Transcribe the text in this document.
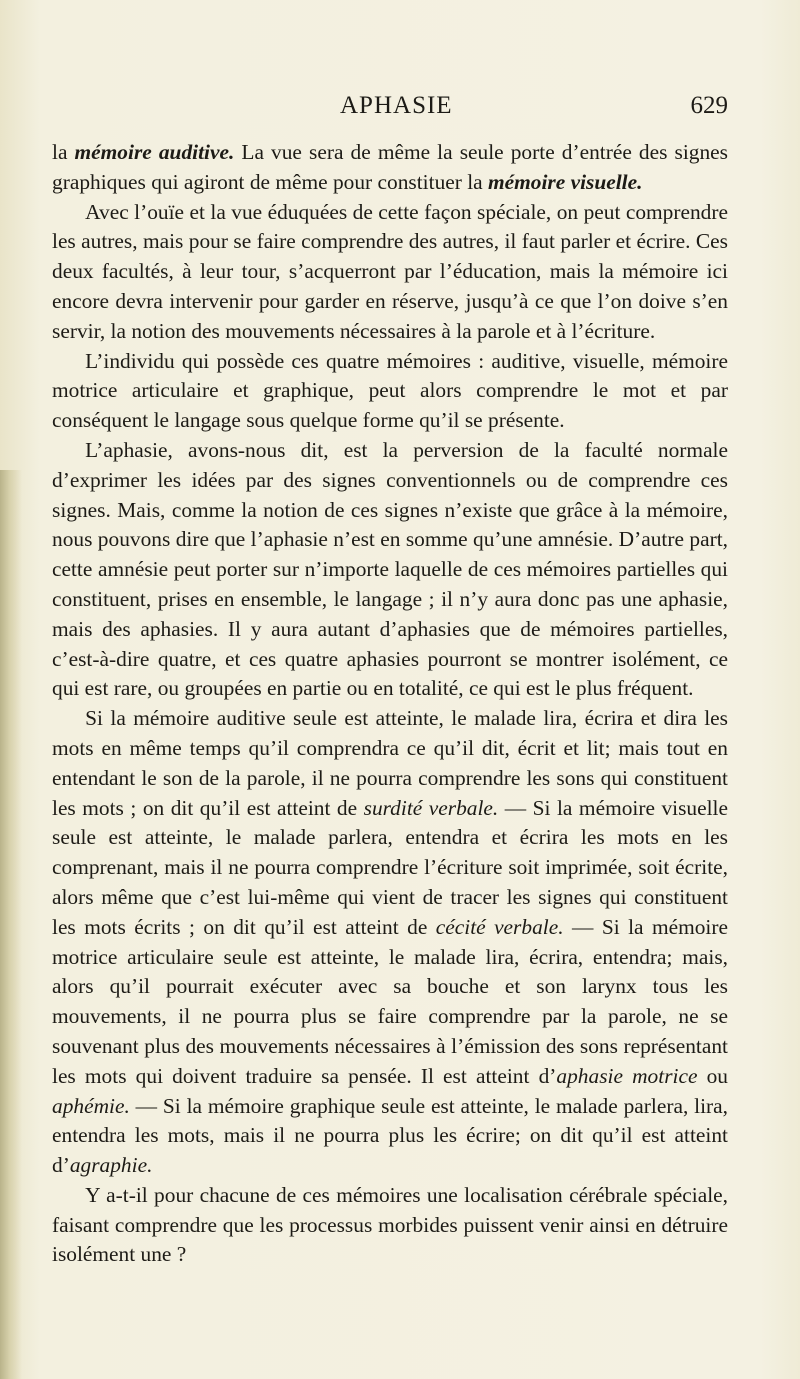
APHASIE	629

la mémoire auditive. La vue sera de même la seule porte d’entrée des signes graphiques qui agiront de même pour constituer la mémoire visuelle.

Avec l’ouïe et la vue éduquées de cette façon spéciale, on peut comprendre les autres, mais pour se faire comprendre des autres, il faut parler et écrire. Ces deux facultés, à leur tour, s’acquerront par l’éducation, mais la mémoire ici encore devra intervenir pour garder en réserve, jusqu’à ce que l’on doive s’en servir, la notion des mouvements nécessaires à la parole et à l’écriture.

L’individu qui possède ces quatre mémoires : auditive, visuelle, mémoire motrice articulaire et graphique, peut alors comprendre le mot et par conséquent le langage sous quelque forme qu’il se présente.

L’aphasie, avons-nous dit, est la perversion de la faculté normale d’exprimer les idées par des signes conventionnels ou de comprendre ces signes. Mais, comme la notion de ces signes n’existe que grâce à la mémoire, nous pouvons dire que l’aphasie n’est en somme qu’une amnésie. D’autre part, cette amnésie peut porter sur n’importe laquelle de ces mémoires partielles qui constituent, prises en ensemble, le langage ; il n’y aura donc pas une aphasie, mais des aphasies. Il y aura autant d’aphasies que de mémoires partielles, c’est-à-dire quatre, et ces quatre aphasies pourront se montrer isolément, ce qui est rare, ou groupées en partie ou en totalité, ce qui est le plus fréquent.

Si la mémoire auditive seule est atteinte, le malade lira, écrira et dira les mots en même temps qu’il comprendra ce qu’il dit, écrit et lit; mais tout en entendant le son de la parole, il ne pourra comprendre les sons qui constituent les mots ; on dit qu’il est atteint de surdité verbale. — Si la mémoire visuelle seule est atteinte, le malade parlera, entendra et écrira les mots en les comprenant, mais il ne pourra comprendre l’écriture soit imprimée, soit écrite, alors même que c’est lui-même qui vient de tracer les signes qui constituent les mots écrits ; on dit qu’il est atteint de cécité verbale. — Si la mémoire motrice articulaire seule est atteinte, le malade lira, écrira, entendra; mais, alors qu’il pourrait exécuter avec sa bouche et son larynx tous les mouvements, il ne pourra plus se faire comprendre par la parole, ne se souvenant plus des mouvements nécessaires à l’émission des sons représentant les mots qui doivent traduire sa pensée. Il est atteint d’aphasie motrice ou aphémie. — Si la mémoire graphique seule est atteinte, le malade parlera, lira, entendra les mots, mais il ne pourra plus les écrire; on dit qu’il est atteint d’agraphie.

Y a-t-il pour chacune de ces mémoires une localisation cérébrale spéciale, faisant comprendre que les processus morbides puissent venir ainsi en détruire isolément une ?
